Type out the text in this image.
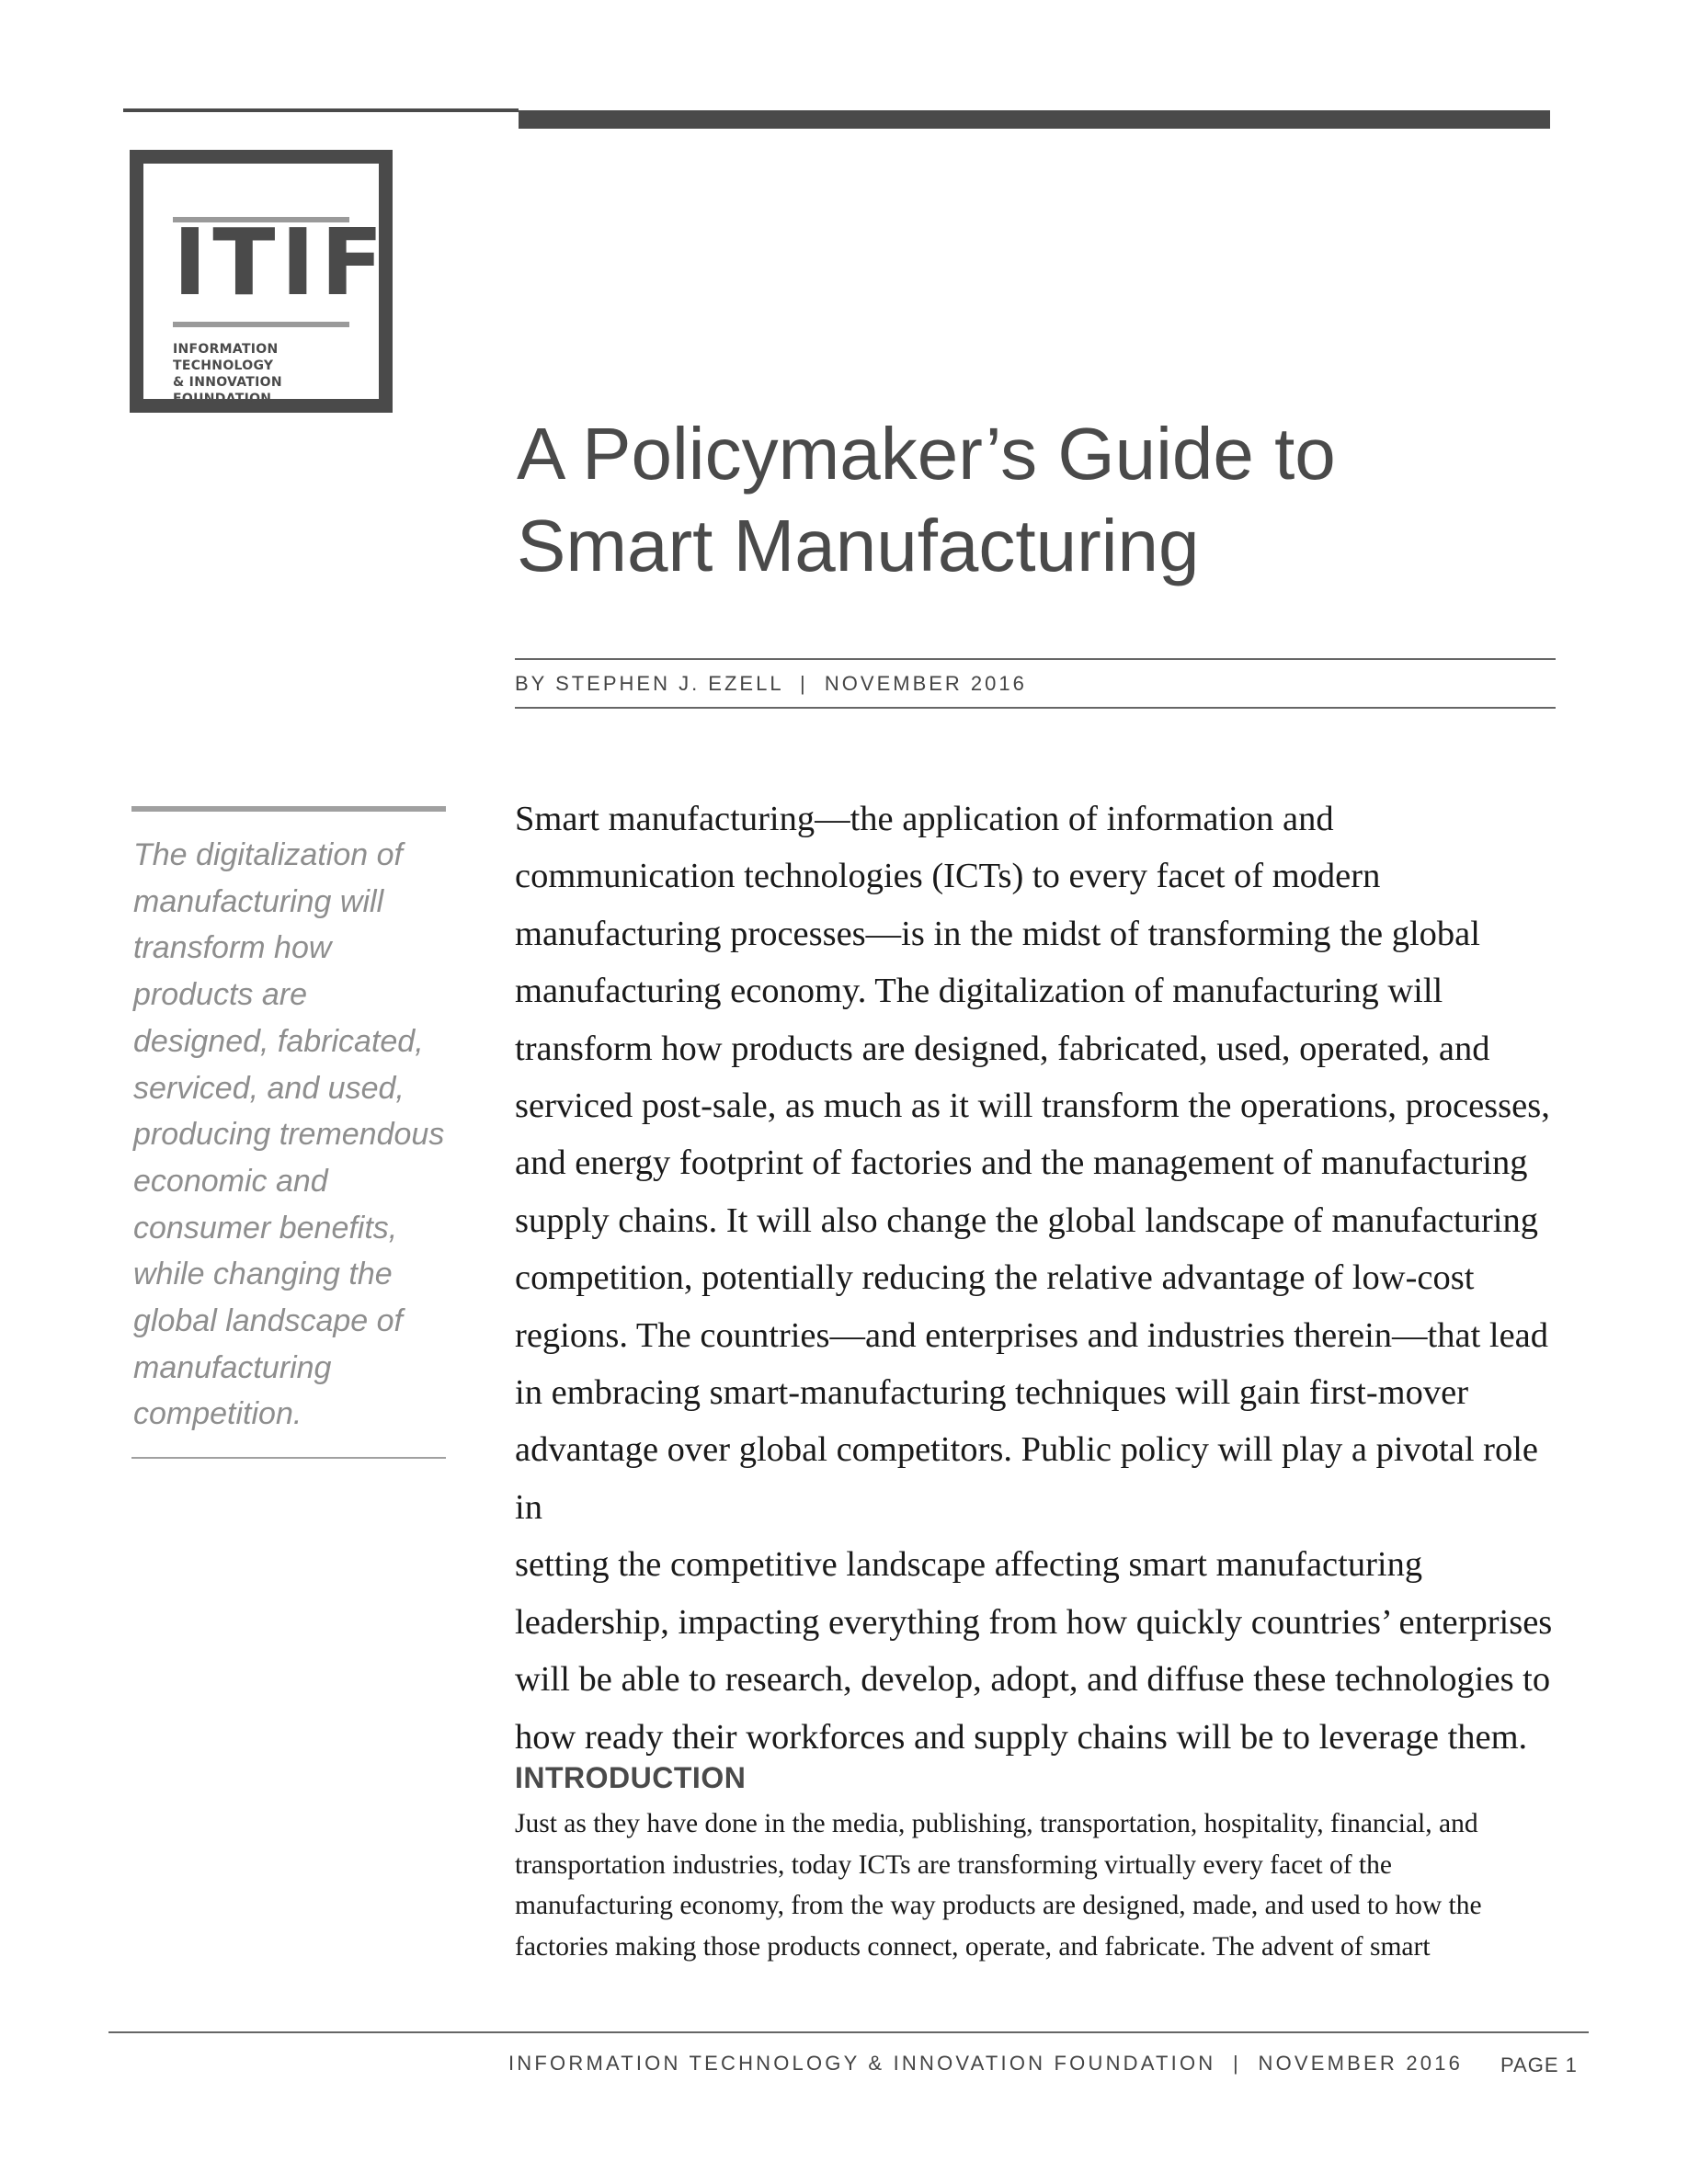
ITIF
INFORMATION TECHNOLOGY
& INNOVATION FOUNDATION
A Policymaker’s Guide to
Smart Manufacturing
BY STEPHEN J. EZELL  |  NOVEMBER 2016
The digitalization of
manufacturing will
transform how
products are
designed, fabricated,
serviced, and used,
producing tremendous
economic and
consumer benefits,
while changing the
global landscape of
manufacturing
competition.
Smart manufacturing—the application of information and
communication technologies (ICTs) to every facet of modern
manufacturing processes—is in the midst of transforming the global
manufacturing economy. The digitalization of manufacturing will
transform how products are designed, fabricated, used, operated, and
serviced post-sale, as much as it will transform the operations, processes,
and energy footprint of factories and the management of manufacturing
supply chains. It will also change the global landscape of manufacturing
competition, potentially reducing the relative advantage of low-cost
regions. The countries—and enterprises and industries therein—that lead
in embracing smart-manufacturing techniques will gain first-mover
advantage over global competitors. Public policy will play a pivotal role in
setting the competitive landscape affecting smart manufacturing
leadership, impacting everything from how quickly countries’ enterprises
will be able to research, develop, adopt, and diffuse these technologies to
how ready their workforces and supply chains will be to leverage them.
INTRODUCTION
Just as they have done in the media, publishing, transportation, hospitality, financial, and
transportation industries, today ICTs are transforming virtually every facet of the
manufacturing economy, from the way products are designed, made, and used to how the
factories making those products connect, operate, and fabricate. The advent of smart
INFORMATION TECHNOLOGY & INNOVATION FOUNDATION  |  NOVEMBER 2016 PAGE 1
